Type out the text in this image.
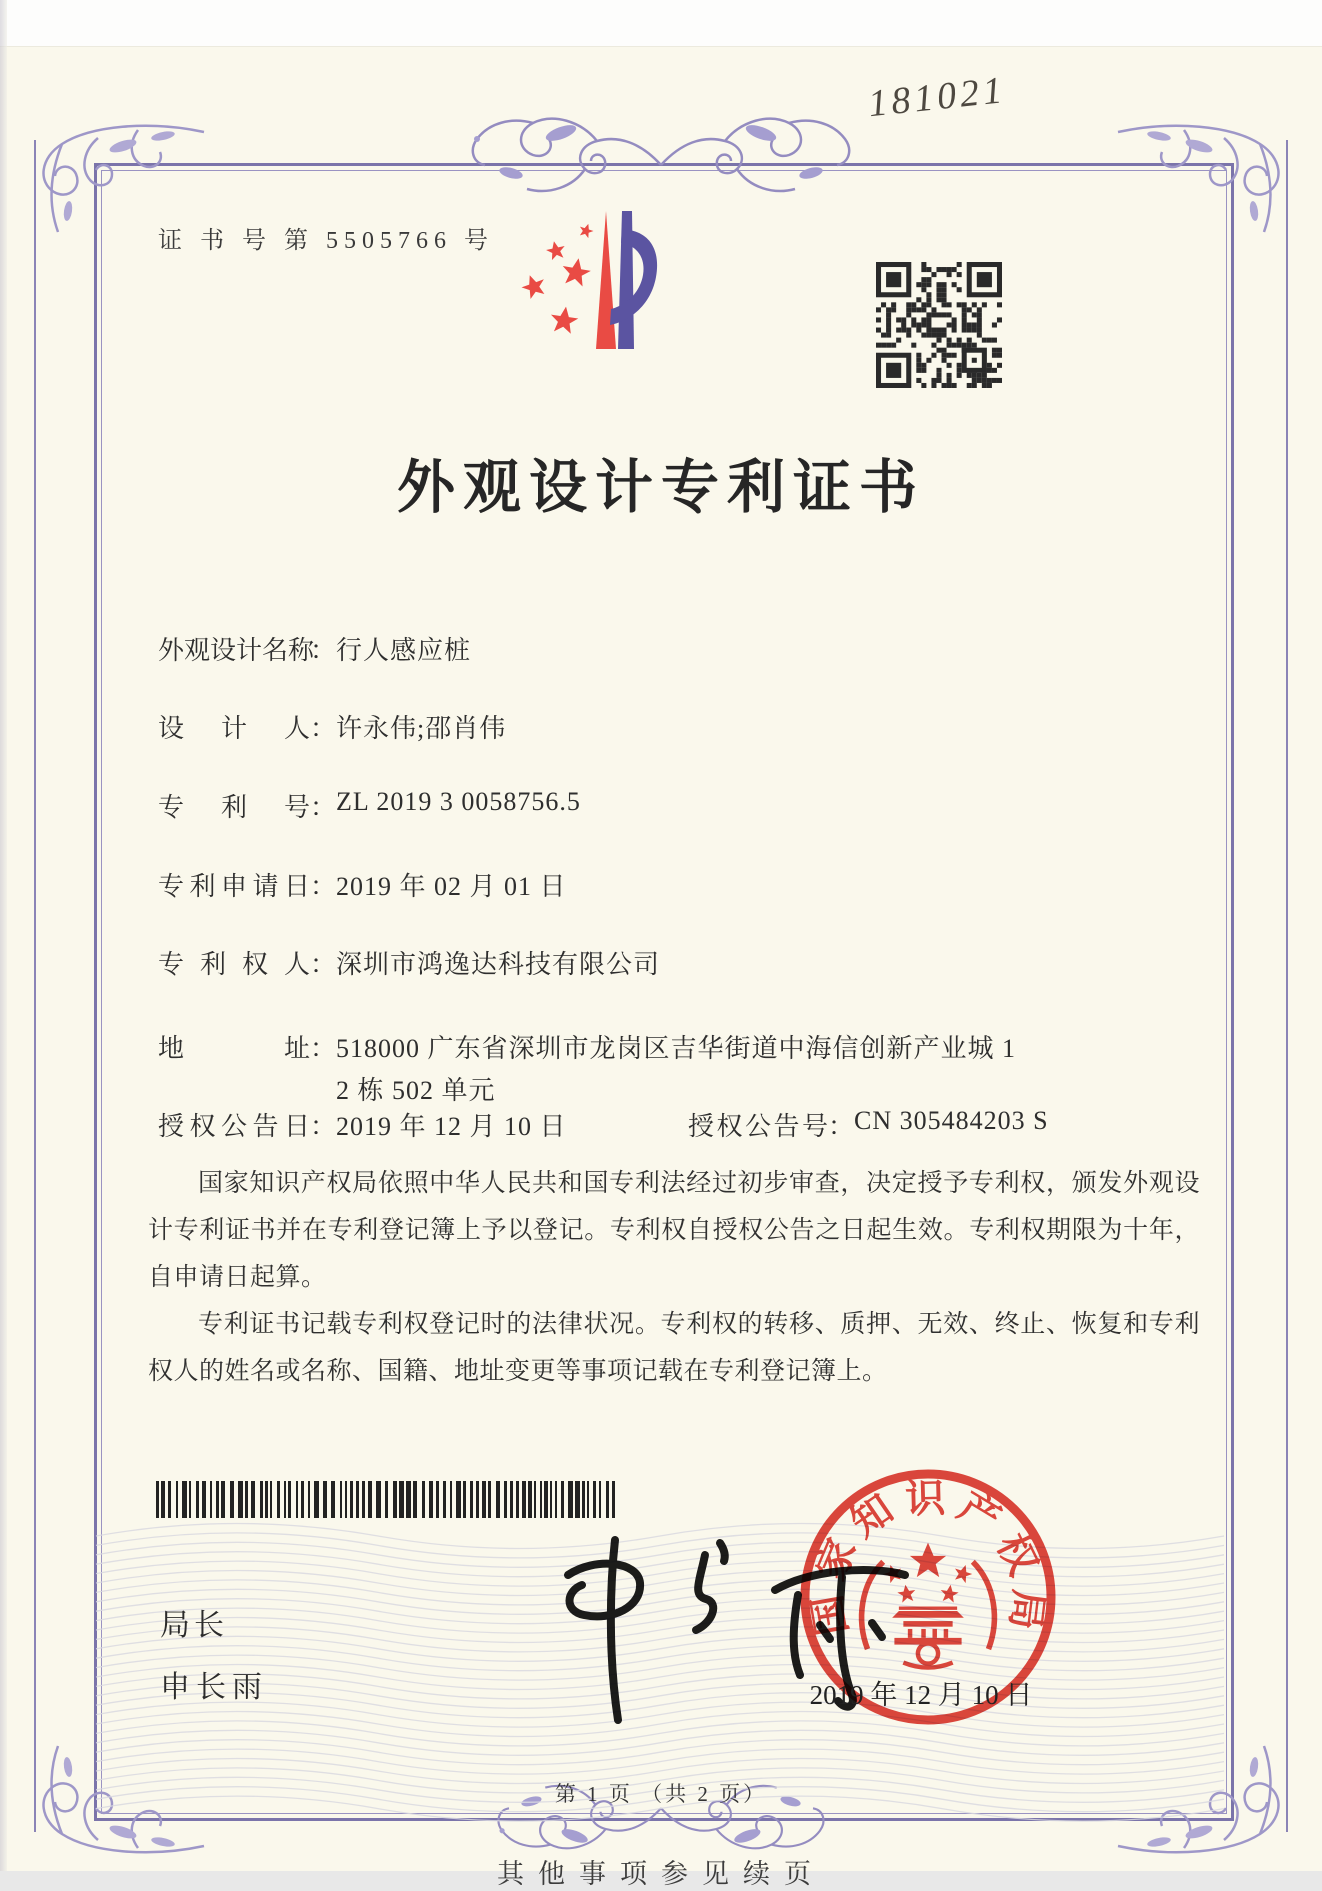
181021
证 书 号 第 5505766 号
外观设计专利证书
外观设计名称：行人感应桩
设计人：许永伟;邵肖伟
专利号：ZL 2019 3 0058756.5
专利申请日：2019 年 02 月 01 日
专利权人：深圳市鸿逸达科技有限公司
地址： 518000 广东省深圳市龙岗区吉华街道中海信创新产业城 1
2 栋 502 单元
授权公告日：2019 年 12 月 10 日	授权公告号：CN 305484203 S

国家知识产权局依照中华人民共和国专利法经过初步审查，决定授予专利权，颁发外观设计专利证书并在专利登记簿上予以登记。专利权自授权公告之日起生效。专利权期限为十年，自申请日起算。

专利证书记载专利权登记时的法律状况。专利权的转移、质押、无效、终止、恢复和专利权人的姓名或名称、国籍、地址变更等事项记载在专利登记簿上。

局长
申长雨
国家知识产权局
2019 年 12 月 10 日
第 1 页 （共 2 页）
其他事项参见续页
